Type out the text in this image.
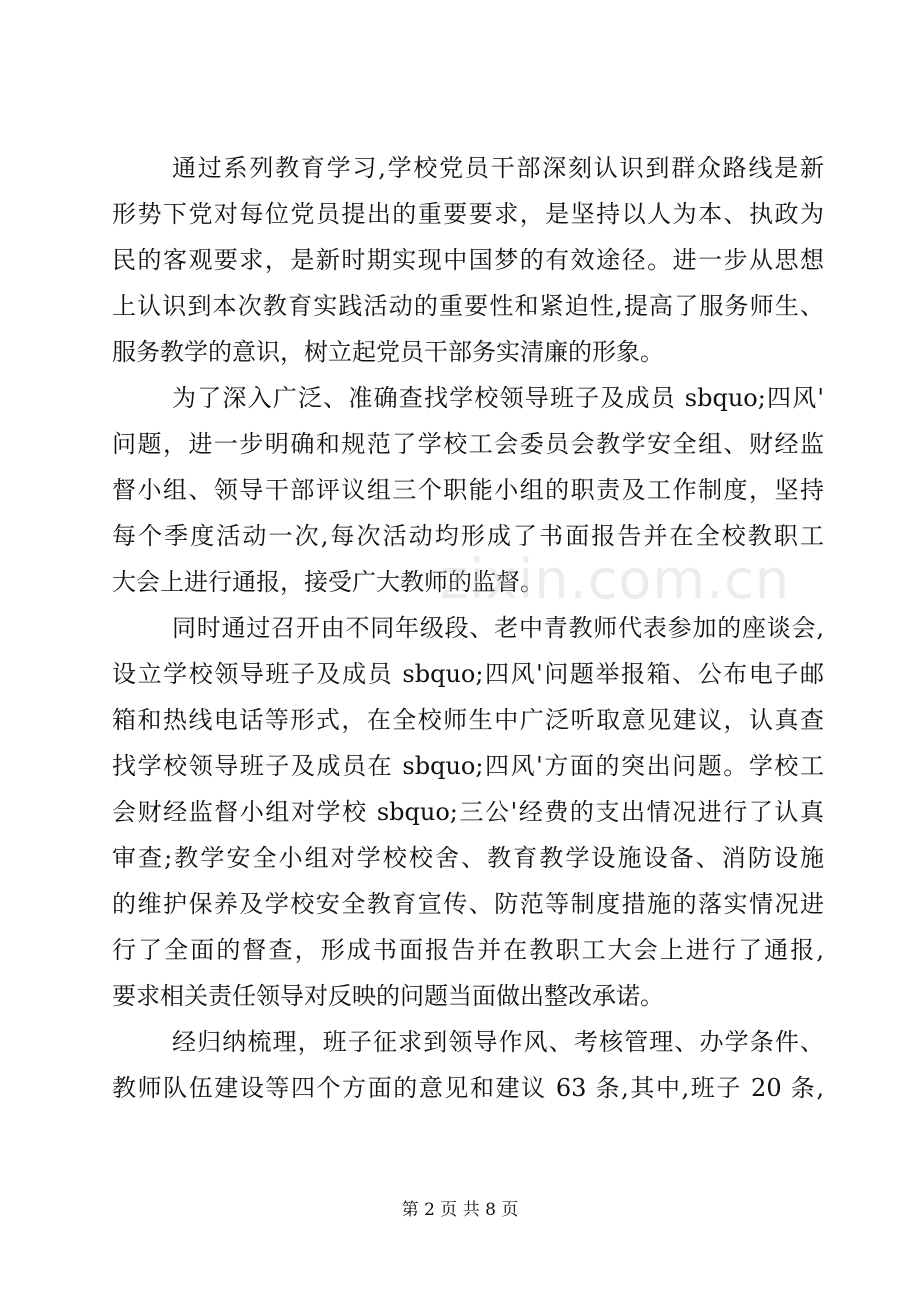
通过系列教育学习,学校党员干部深刻认识到群众路线是新
形势下党对每位党员提出的重要要求，是坚持以人为本、执政为
民的客观要求，是新时期实现中国梦的有效途径。进一步从思想
上认识到本次教育实践活动的重要性和紧迫性,提高了服务师生、
服务教学的意识，树立起党员干部务实清廉的形象。
为了深入广泛、准确查找学校领导班子及成员 sbquo;四风'
问题，进一步明确和规范了学校工会委员会教学安全组、财经监
督小组、领导干部评议组三个职能小组的职责及工作制度，坚持
每个季度活动一次,每次活动均形成了书面报告并在全校教职工
大会上进行通报，接受广大教师的监督。
同时通过召开由不同年级段、老中青教师代表参加的座谈会,
设立学校领导班子及成员 sbquo;四风'问题举报箱、公布电子邮
箱和热线电话等形式，在全校师生中广泛听取意见建议，认真查
找学校领导班子及成员在 sbquo;四风'方面的突出问题。学校工
会财经监督小组对学校 sbquo;三公'经费的支出情况进行了认真
审查;教学安全小组对学校校舍、教育教学设施设备、消防设施
的维护保养及学校安全教育宣传、防范等制度措施的落实情况进
行了全面的督查，形成书面报告并在教职工大会上进行了通报,
要求相关责任领导对反映的问题当面做出整改承诺。
经归纳梳理，班子征求到领导作风、考核管理、办学条件、
教师队伍建设等四个方面的意见和建议 63 条,其中,班子 20 条,
zixin.com.cn
第 2 页 共 8 页
